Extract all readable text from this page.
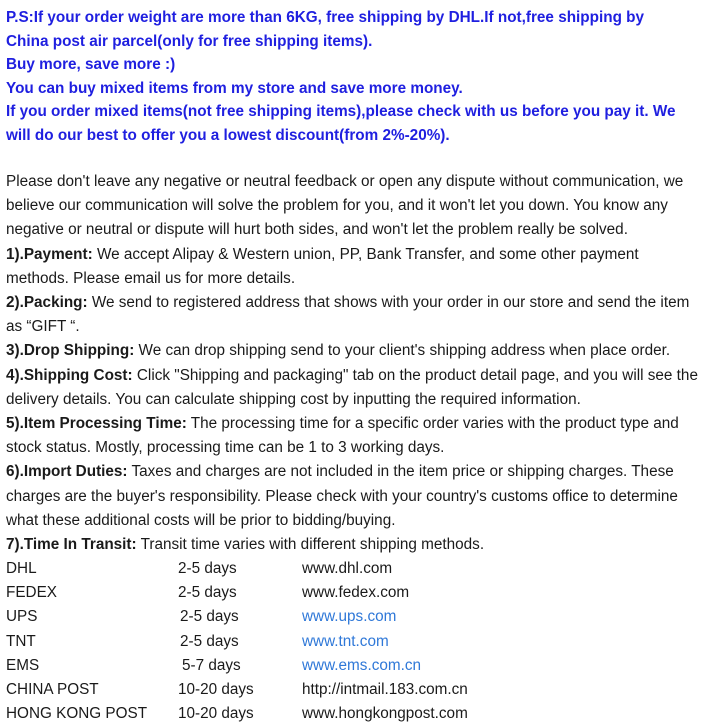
P.S:If your order weight are more than 6KG, free shipping by DHL.If not,free shipping by

China post air parcel(only for free shipping items).

Buy more, save more :)

You can buy mixed items from my store and save more money.

If you order mixed items(not free shipping items),please check with us before you pay it. We

will do our best to offer you a lowest discount(from 2%-20%).

Please don't leave any negative or neutral feedback or open any dispute without communication, we

believe our communication will solve the problem for you, and it won't let you down. You know any

negative or neutral or dispute will hurt both sides, and won't let the problem really be solved.

1).Payment: We accept Alipay & Western union, PP, Bank Transfer, and some other payment

methods. Please email us for more details.

2).Packing: We send to registered address that shows with your order in our store and send the item

as “GIFT “.

3).Drop Shipping: We can drop shipping send to your client's shipping address when place order.

4).Shipping Cost: Click "Shipping and packaging" tab on the product detail page, and you will see the

delivery details. You can calculate shipping cost by inputting the required information.

5).Item Processing Time: The processing time for a specific order varies with the product type and

stock status. Mostly, processing time can be 1 to 3 working days.

6).Import Duties: Taxes and charges are not included in the item price or shipping charges. These

charges are the buyer's responsibility. Please check with your country's customs office to determine

what these additional costs will be prior to bidding/buying.

7).Time In Transit: Transit time varies with different shipping methods.

DHL	2-5 days	www.dhl.com
FEDEX	2-5 days	www.fedex.com
UPS	2-5 days	www.ups.com
TNT	2-5 days	www.tnt.com
EMS	5-7 days	www.ems.com.cn
CHINA POST	10-20 days	http://intmail.183.com.cn
HONG KONG POST 10-20 days	www.hongkongpost.com
